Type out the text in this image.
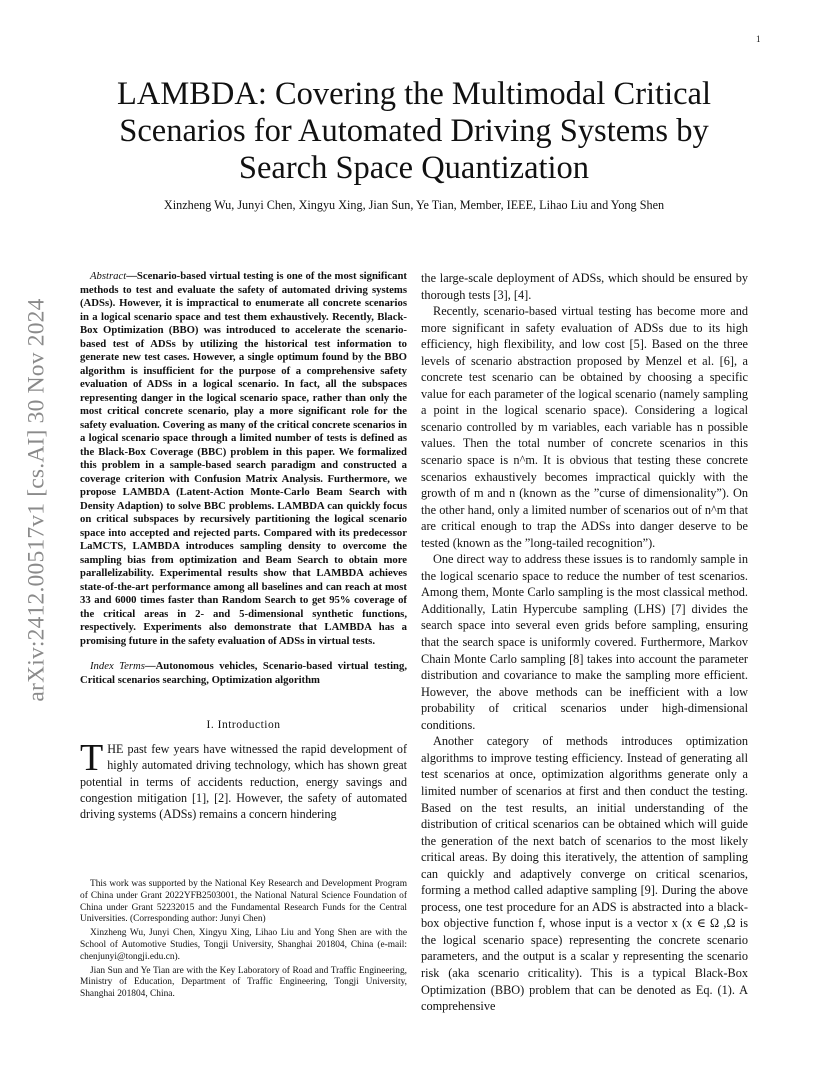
1
arXiv:2412.00517v1 [cs.AI] 30 Nov 2024
LAMBDA: Covering the Multimodal Critical Scenarios for Automated Driving Systems by Search Space Quantization
Xinzheng Wu, Junyi Chen, Xingyu Xing, Jian Sun, Ye Tian, Member, IEEE, Lihao Liu and Yong Shen

Abstract—Scenario-based virtual testing is one of the most significant methods to test and evaluate the safety of automated driving systems (ADSs). However, it is impractical to enumerate all concrete scenarios in a logical scenario space and test them exhaustively. Recently, Black-Box Optimization (BBO) was introduced to accelerate the scenario-based test of ADSs by utilizing the historical test information to generate new test cases. However, a single optimum found by the BBO algorithm is insufficient for the purpose of a comprehensive safety evaluation of ADSs in a logical scenario. In fact, all the subspaces representing danger in the logical scenario space, rather than only the most critical concrete scenario, play a more significant role for the safety evaluation. Covering as many of the critical concrete scenarios in a logical scenario space through a limited number of tests is defined as the Black-Box Coverage (BBC) problem in this paper. We formalized this problem in a sample-based search paradigm and constructed a coverage criterion with Confusion Matrix Analysis. Furthermore, we propose LAMBDA (Latent-Action Monte-Carlo Beam Search with Density Adaption) to solve BBC problems. LAMBDA can quickly focus on critical subspaces by recursively partitioning the logical scenario space into accepted and rejected parts. Compared with its predecessor LaMCTS, LAMBDA introduces sampling density to overcome the sampling bias from optimization and Beam Search to obtain more parallelizability. Experimental results show that LAMBDA achieves state-of-the-art performance among all baselines and can reach at most 33 and 6000 times faster than Random Search to get 95% coverage of the critical areas in 2- and 5-dimensional synthetic functions, respectively. Experiments also demonstrate that LAMBDA has a promising future in the safety evaluation of ADSs in virtual tests.

Index Terms—Autonomous vehicles, Scenario-based virtual testing, Critical scenarios searching, Optimization algorithm

I. Introduction

THE past few years have witnessed the rapid development of highly automated driving technology, which has shown great potential in terms of accidents reduction, energy savings and congestion mitigation [1], [2]. However, the safety of automated driving systems (ADSs) remains a concern hindering

This work was supported by the National Key Research and Development Program of China under Grant 2022YFB2503001, the National Natural Science Foundation of China under Grant 52232015 and the Fundamental Research Funds for the Central Universities. (Corresponding author: Junyi Chen)

Xinzheng Wu, Junyi Chen, Xingyu Xing, Lihao Liu and Yong Shen are with the School of Automotive Studies, Tongji University, Shanghai 201804, China (e-mail: chenjunyi@tongji.edu.cn).

Jian Sun and Ye Tian are with the Key Laboratory of Road and Traffic Engineering, Ministry of Education, Department of Traffic Engineering, Tongji University, Shanghai 201804, China.

the large-scale deployment of ADSs, which should be ensured by thorough tests [3], [4].

Recently, scenario-based virtual testing has become more and more significant in safety evaluation of ADSs due to its high efficiency, high flexibility, and low cost [5]. Based on the three levels of scenario abstraction proposed by Menzel et al. [6], a concrete test scenario can be obtained by choosing a specific value for each parameter of the logical scenario (namely sampling a point in the logical scenario space). Considering a logical scenario controlled by m variables, each variable has n possible values. Then the total number of concrete scenarios in this scenario space is n^m. It is obvious that testing these concrete scenarios exhaustively becomes impractical quickly with the growth of m and n (known as the ”curse of dimensionality”). On the other hand, only a limited number of scenarios out of n^m that are critical enough to trap the ADSs into danger deserve to be tested (known as the ”long-tailed recognition”).

One direct way to address these issues is to randomly sample in the logical scenario space to reduce the number of test scenarios. Among them, Monte Carlo sampling is the most classical method. Additionally, Latin Hypercube sampling (LHS) [7] divides the search space into several even grids before sampling, ensuring that the search space is uniformly covered. Furthermore, Markov Chain Monte Carlo sampling [8] takes into account the parameter distribution and covariance to make the sampling more efficient. However, the above methods can be inefficient with a low probability of critical scenarios under high-dimensional conditions.

Another category of methods introduces optimization algorithms to improve testing efficiency. Instead of generating all test scenarios at once, optimization algorithms generate only a limited number of scenarios at first and then conduct the testing. Based on the test results, an initial understanding of the distribution of critical scenarios can be obtained which will guide the generation of the next batch of scenarios to the most likely critical areas. By doing this iteratively, the attention of sampling can quickly and adaptively converge on critical scenarios, forming a method called adaptive sampling [9]. During the above process, one test procedure for an ADS is abstracted into a black-box objective function f, whose input is a vector x (x ∈ Ω ,Ω is the logical scenario space) representing the concrete scenario parameters, and the output is a scalar y representing the scenario risk (aka scenario criticality). This is a typical Black-Box Optimization (BBO) problem that can be denoted as Eq. (1). A comprehensive
